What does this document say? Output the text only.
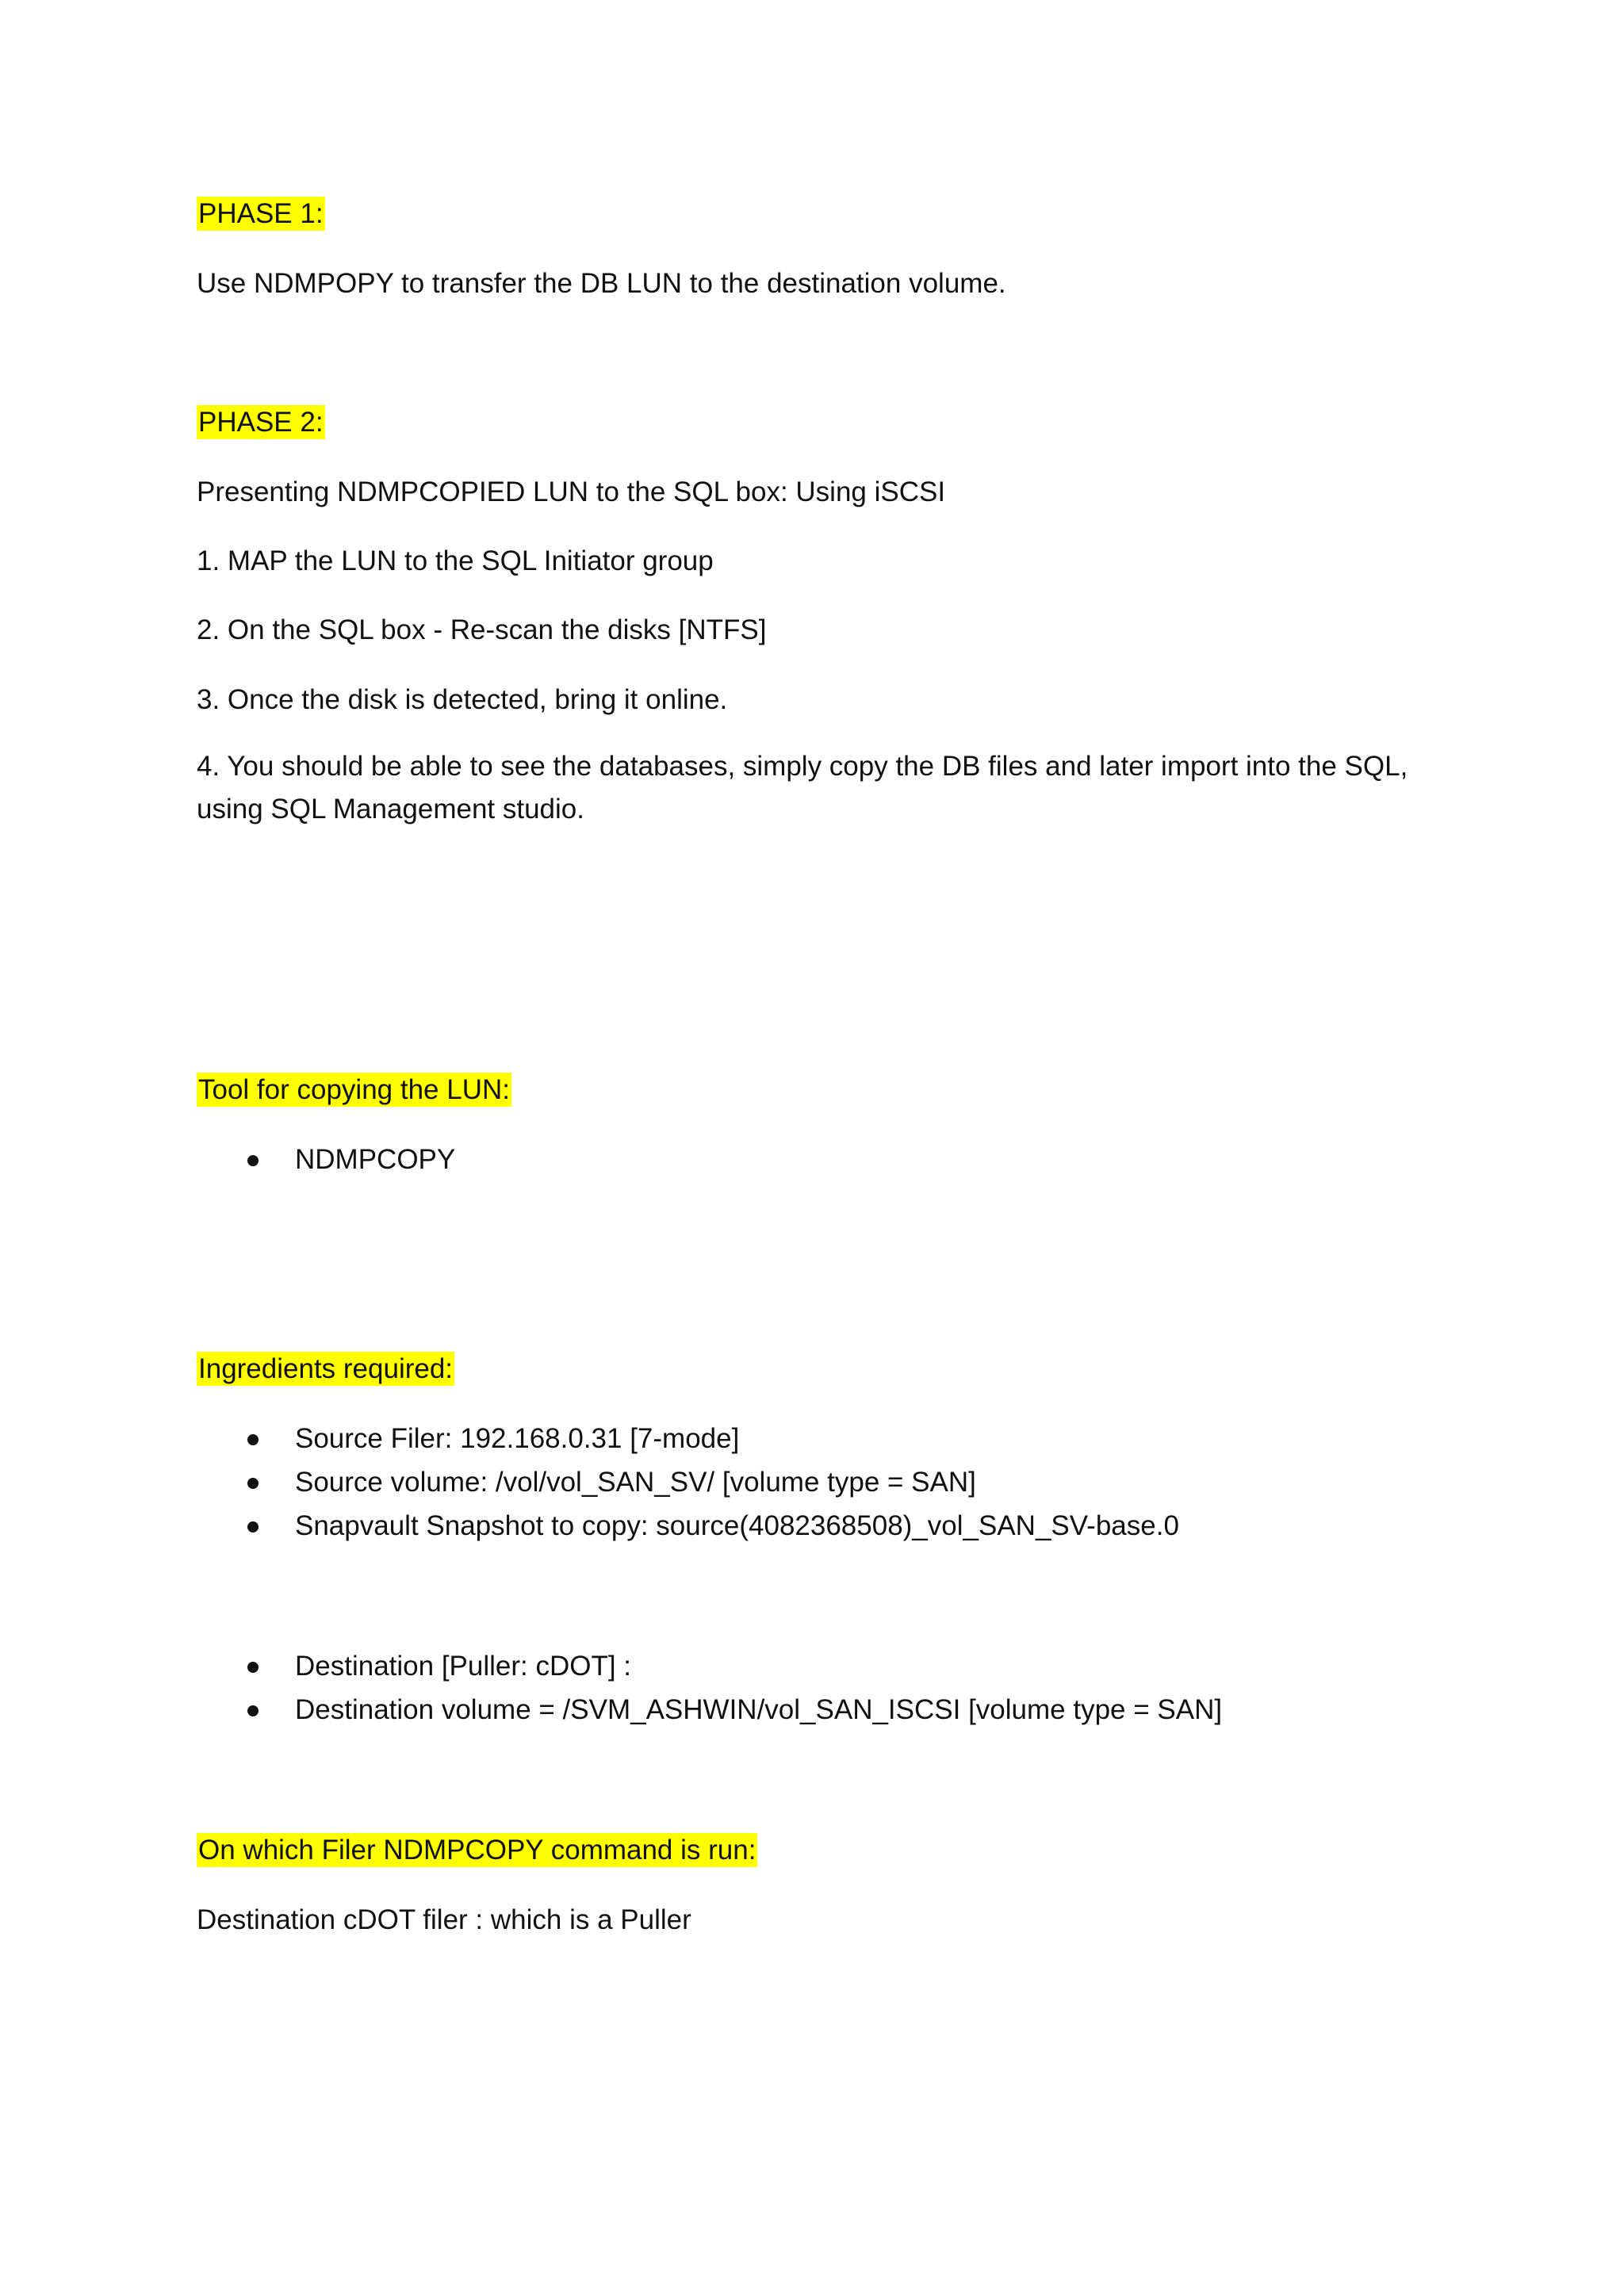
PHASE 1:

Use NDMPOPY to transfer the DB LUN to the destination volume.

PHASE 2:

Presenting NDMPCOPIED LUN to the SQL box: Using iSCSI

1. MAP the LUN to the SQL Initiator group

2. On the SQL box - Re-scan the disks [NTFS]

3. Once the disk is detected, bring it online.

4. You should be able to see the databases, simply copy the DB files and later import into the SQL, using SQL Management studio.

Tool for copying the LUN:
NDMPCOPY
Ingredients required:
Source Filer: 192.168.0.31 [7-mode]
Source volume: /vol/vol_SAN_SV/ [volume type = SAN]
Snapvault Snapshot to copy: source(4082368508)_vol_SAN_SV-base.0
Destination [Puller: cDOT] :
Destination volume = /SVM_ASHWIN/vol_SAN_ISCSI [volume type = SAN]
On which Filer NDMPCOPY command is run:

Destination cDOT filer : which is a Puller
